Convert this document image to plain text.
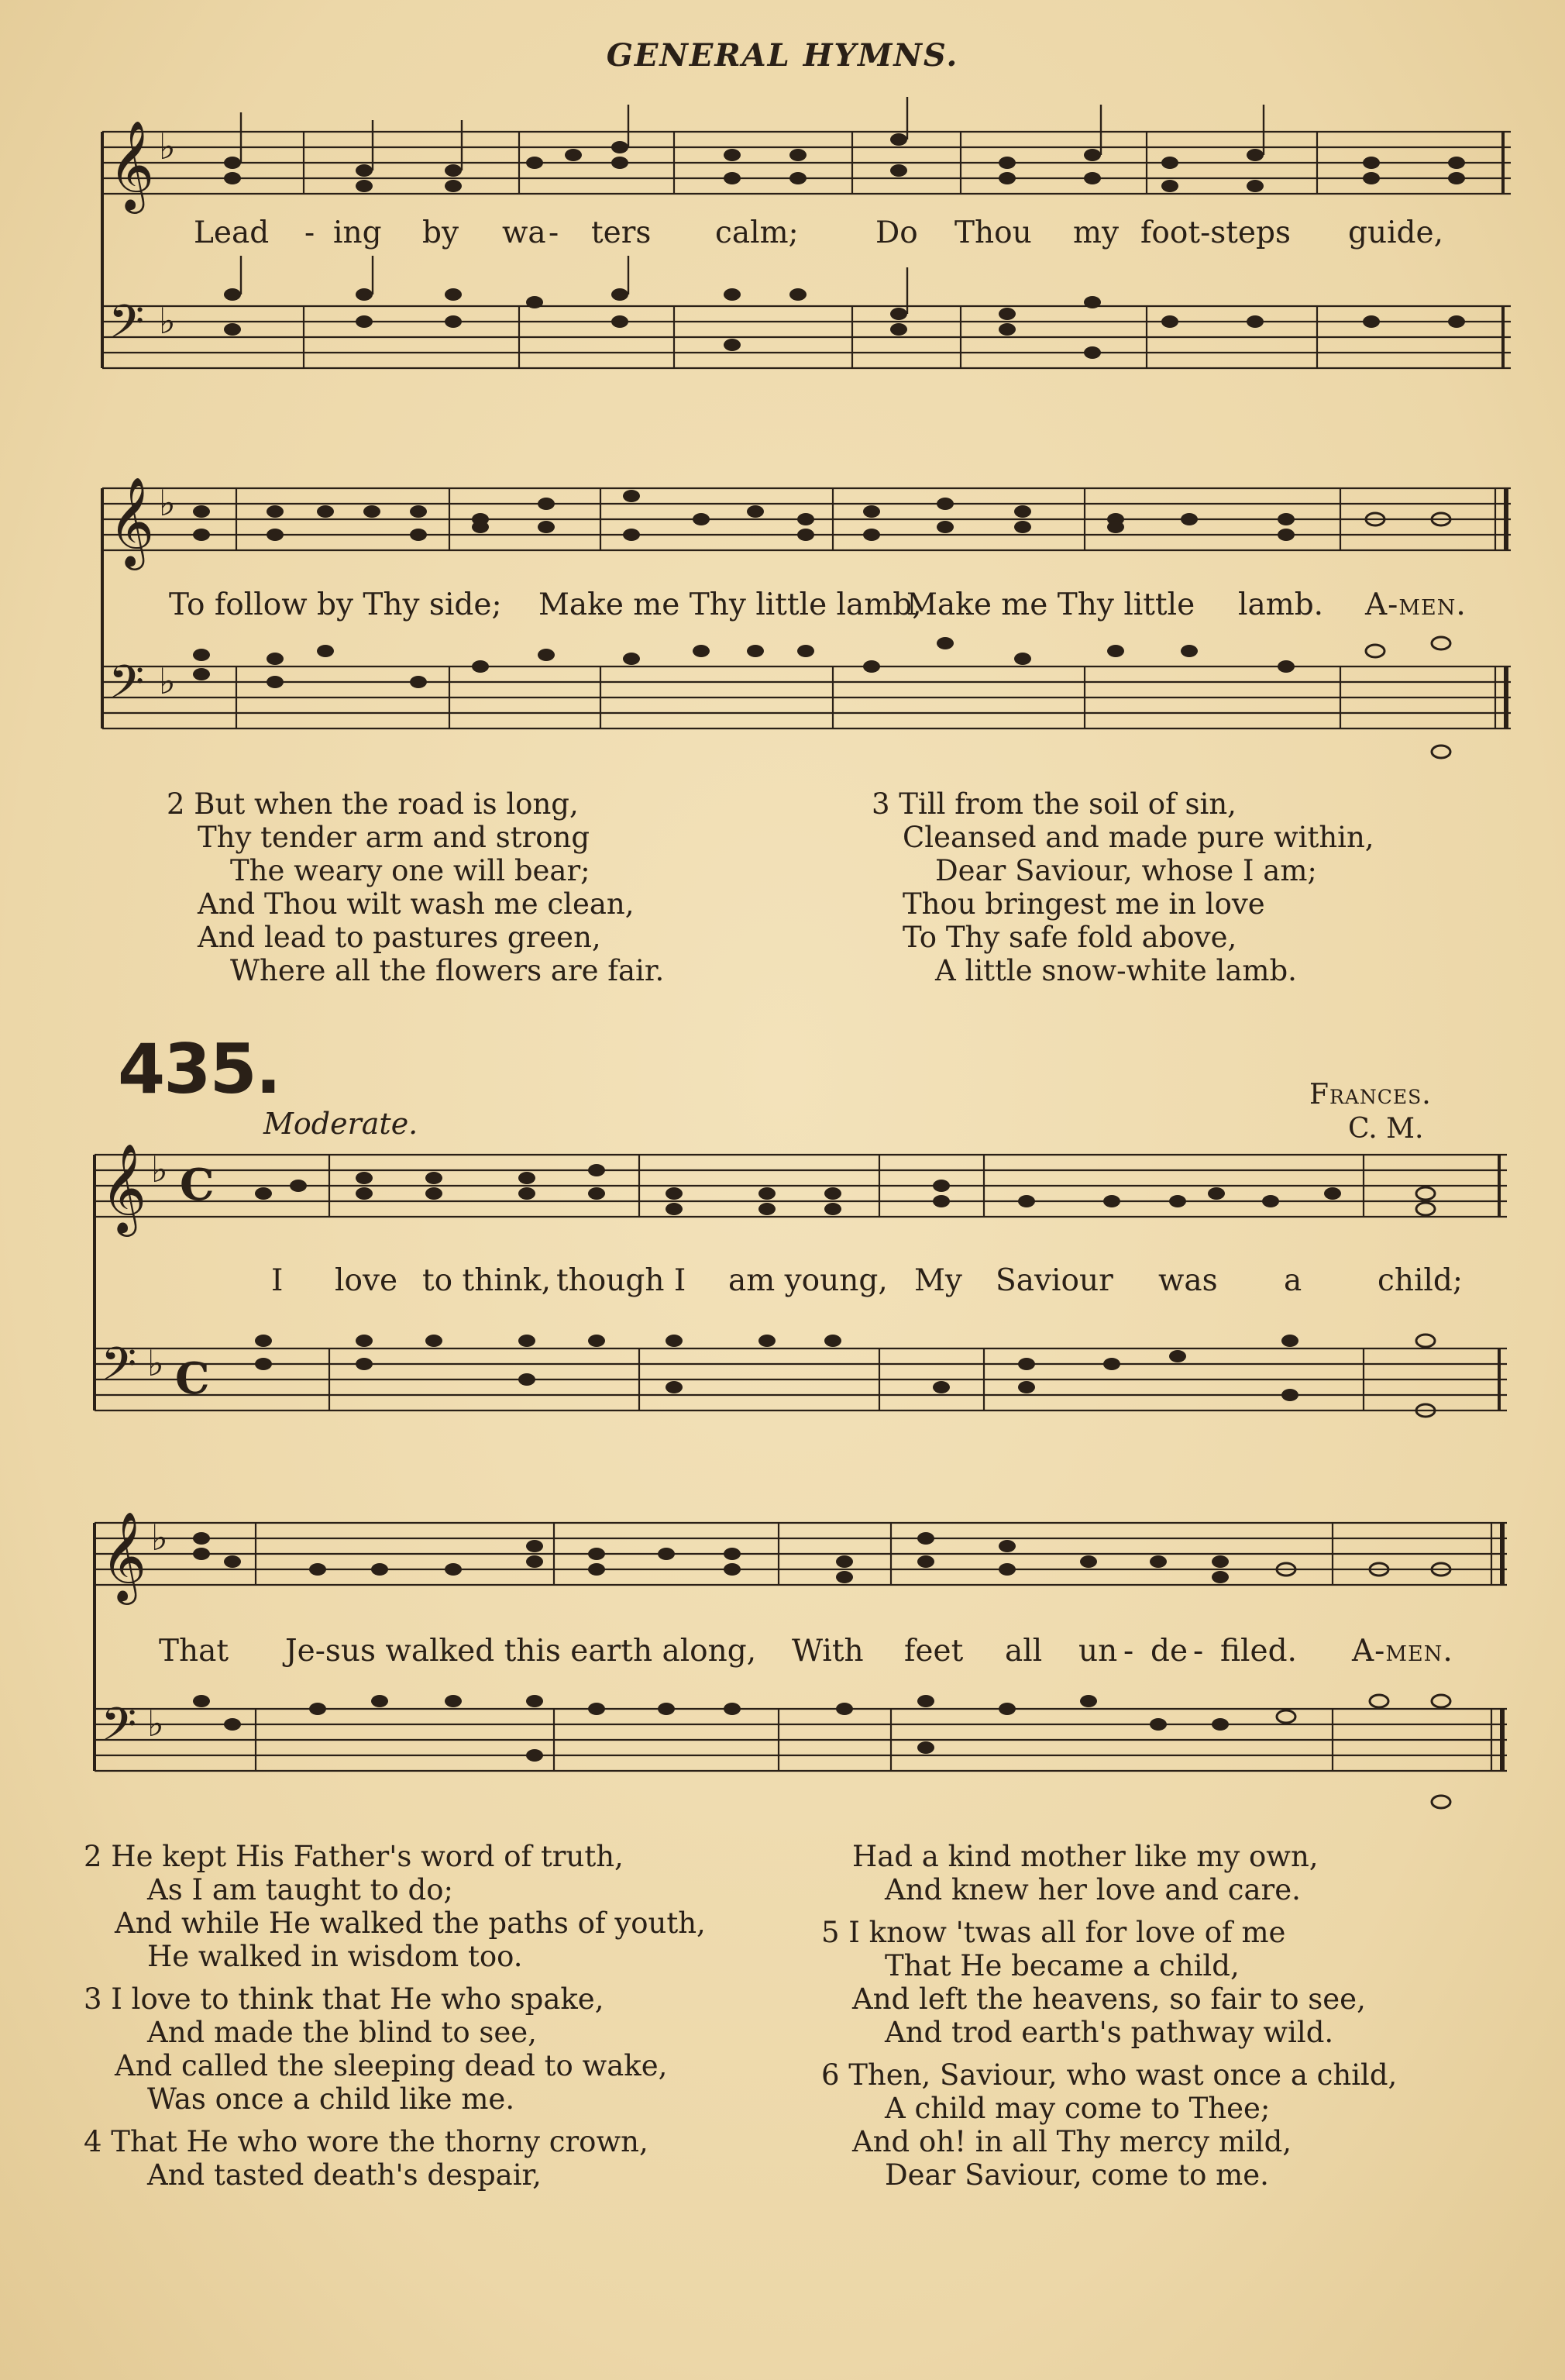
GENERAL HYMNS.
𝄞
𝄢
♭
♭
Lead - ing by wa - ters calm;	Do Thou my foot-steps guide,
𝄞
𝄢
♭
♭
To follow by Thy side; Make me Thy little lamb,
Make me Thy little lamb. A-men.
2 But when the road is long,
Thy tender arm and strong
The weary one will bear;
And Thou wilt wash me clean,
And lead to pastures green,
Where all the flowers are fair.
3 Till from the soil of sin,
Cleansed and made pure within,
Dear Saviour, whose I am;
Thou bringest me in love
To Thy safe fold above,
A little snow-white lamb.
435.	Frances.
C. M.
Moderate.
𝄞
𝄢
♭
♭
C
C
I love to think, though I am young, My Saviour was a	child;
𝄞
𝄢
♭
♭
That Je-sus walked this earth along, With feet all un - de - filed. A-men.
2 He kept His Father's word of truth,
As I am taught to do;
And while He walked the paths of youth,
He walked in wisdom too.
3 I love to think that He who spake,
And made the blind to see,
And called the sleeping dead to wake,
Was once a child like me.
4 That He who wore the thorny crown,
And tasted death's despair,
Had a kind mother like my own,
And knew her love and care.
5 I know 'twas all for love of me
That He became a child,
And left the heavens, so fair to see,
And trod earth's pathway wild.
6 Then, Saviour, who wast once a child,
A child may come to Thee;
And oh! in all Thy mercy mild,
Dear Saviour, come to me.
